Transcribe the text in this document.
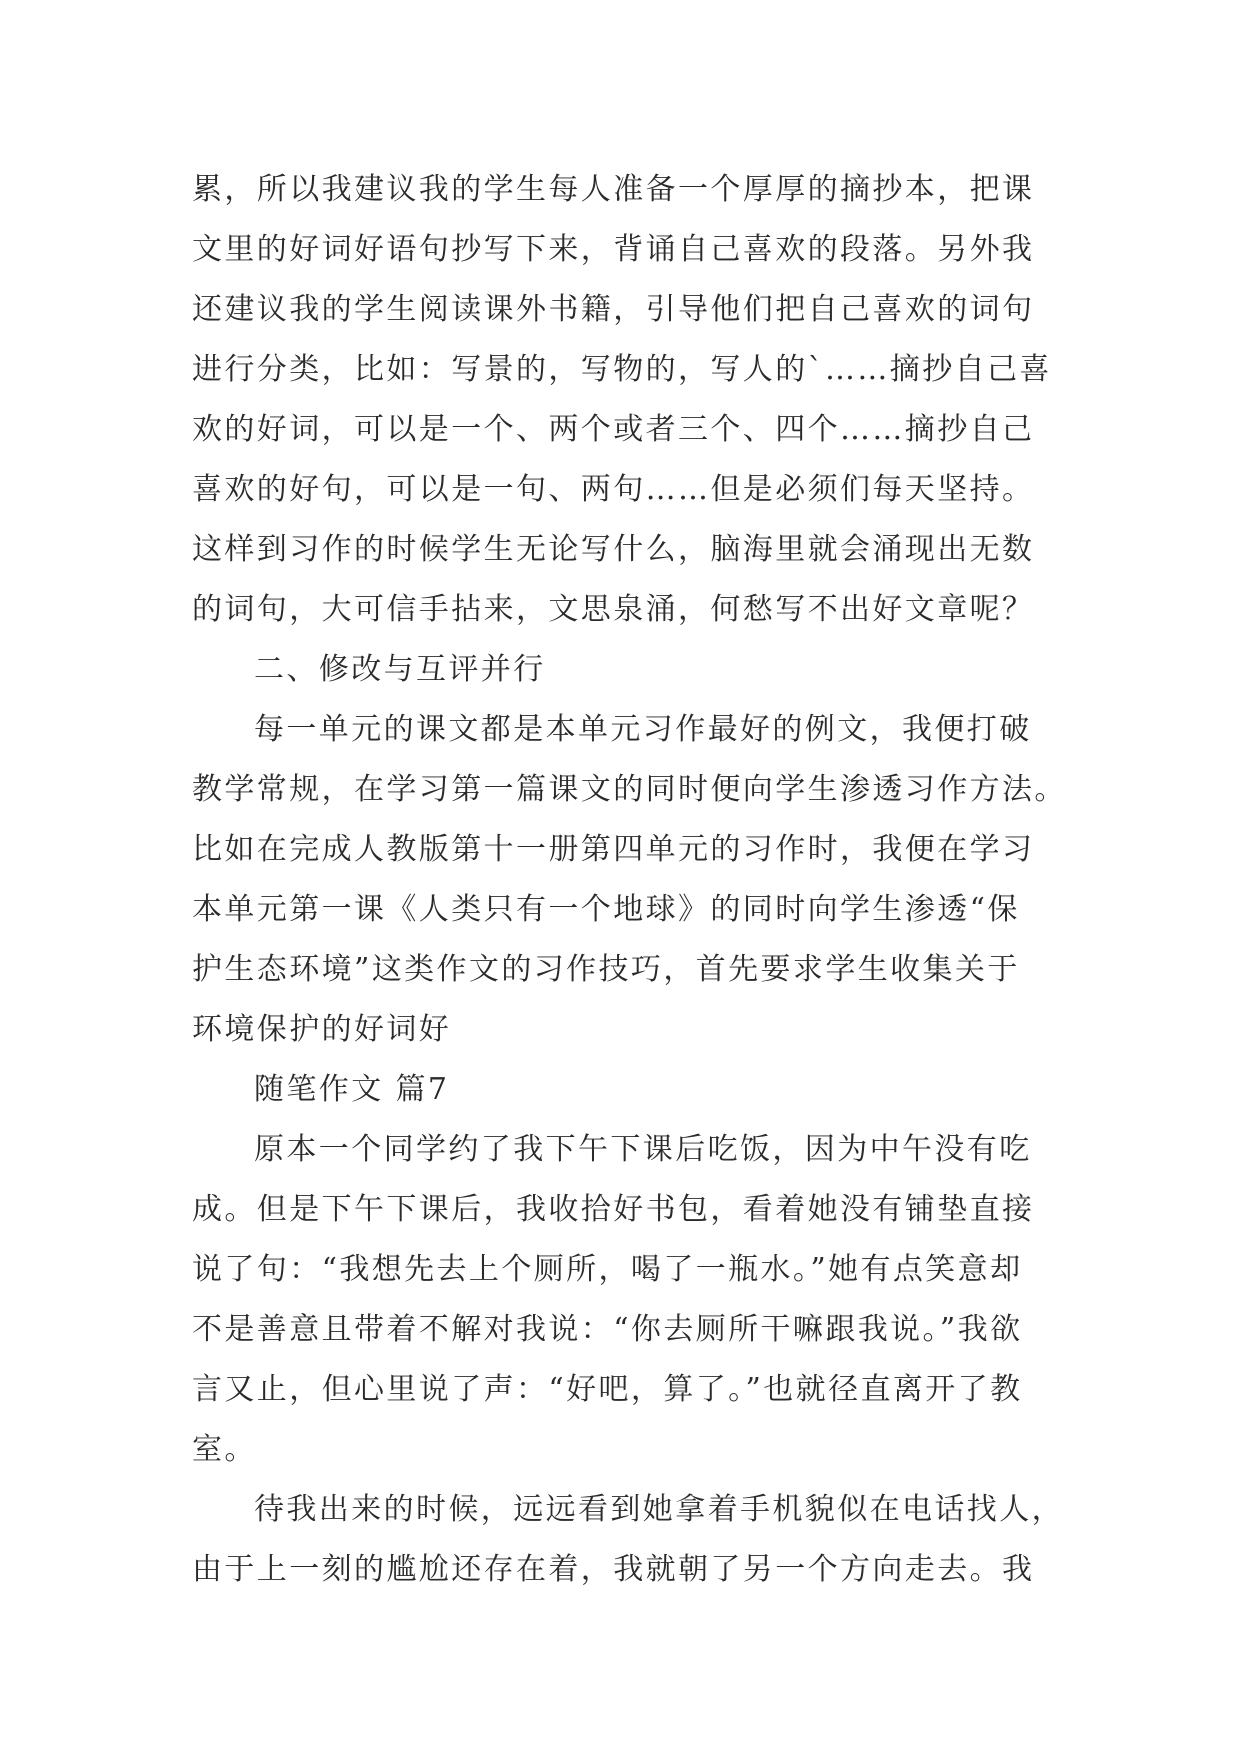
累，所以我建议我的学生每人准备一个厚厚的摘抄本，把课
文里的好词好语句抄写下来，背诵自己喜欢的段落。另外我
还建议我的学生阅读课外书籍，引导他们把自己喜欢的词句
进行分类，比如：写景的，写物的，写人的`……摘抄自己喜
欢的好词，可以是一个、两个或者三个、四个……摘抄自己
喜欢的好句，可以是一句、两句……但是必须们每天坚持。
这样到习作的时候学生无论写什么，脑海里就会涌现出无数
的词句，大可信手拈来，文思泉涌，何愁写不出好文章呢？
二、修改与互评并行
每一单元的课文都是本单元习作最好的例文，我便打破
教学常规，在学习第一篇课文的同时便向学生渗透习作方法。
比如在完成人教版第十一册第四单元的习作时，我便在学习
本单元第一课《人类只有一个地球》的同时向学生渗透“保
护生态环境”这类作文的习作技巧，首先要求学生收集关于
环境保护的好词好
随笔作文 篇7
原本一个同学约了我下午下课后吃饭，因为中午没有吃
成。但是下午下课后，我收拾好书包，看着她没有铺垫直接
说了句：“我想先去上个厕所，喝了一瓶水。”她有点笑意却
不是善意且带着不解对我说：“你去厕所干嘛跟我说。”我欲
言又止，但心里说了声：“好吧，算了。”也就径直离开了教
室。
待我出来的时候，远远看到她拿着手机貌似在电话找人，
由于上一刻的尴尬还存在着，我就朝了另一个方向走去。我
